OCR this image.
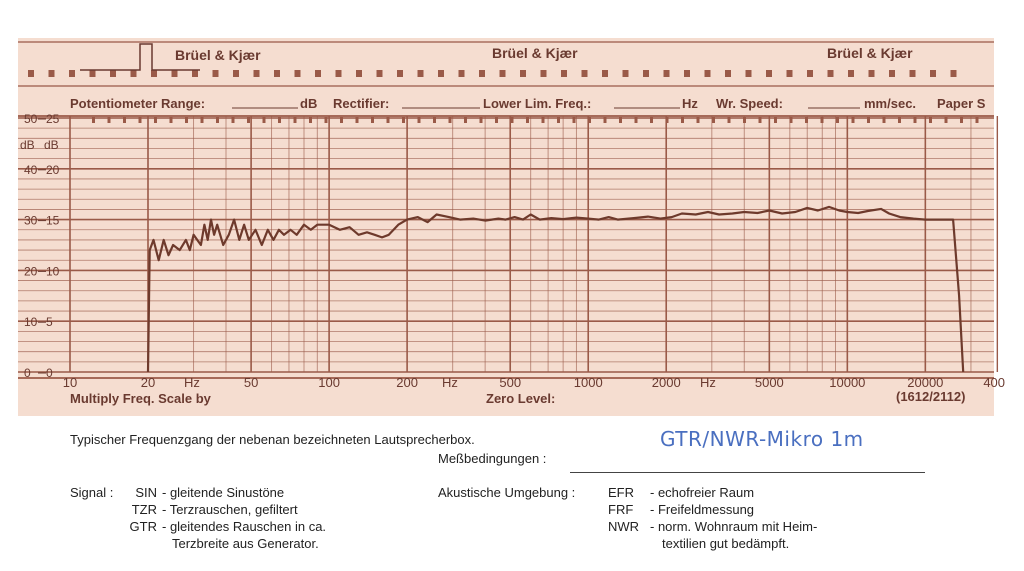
Brüel & Kjær	Brüel & Kjær	Brüel & Kjær
Potentiometer Range:	dB Rectifier:	Lower Lim. Freq.:	Hz Wr. Speed:	mm/sec. Paper S
dB dB
50 25
40 20
30 15
20 10
10 5
0 0
10	20	50	100	200	500	1000	2000	5000	10000	20000	400
Hz	Hz	Hz
Multiply Freq. Scale by	Zero Level:	(1612/2112)
Typischer Frequenzgang der nebenan bezeichneten Lautsprecherbox.
Meßbedingungen :
GTR/NWR-Mikro 1m
Signal :	SIN - gleitende Sinustöne
TZR - Terzrauschen, gefiltert
GTR - gleitendes Rauschen in ca.
Terzbreite aus Generator.
Akustische Umgebung :	EFR - echofreier Raum
FRF - Freifeldmessung
NWR - norm. Wohnraum mit Heim-
textilien gut bedämpft.
